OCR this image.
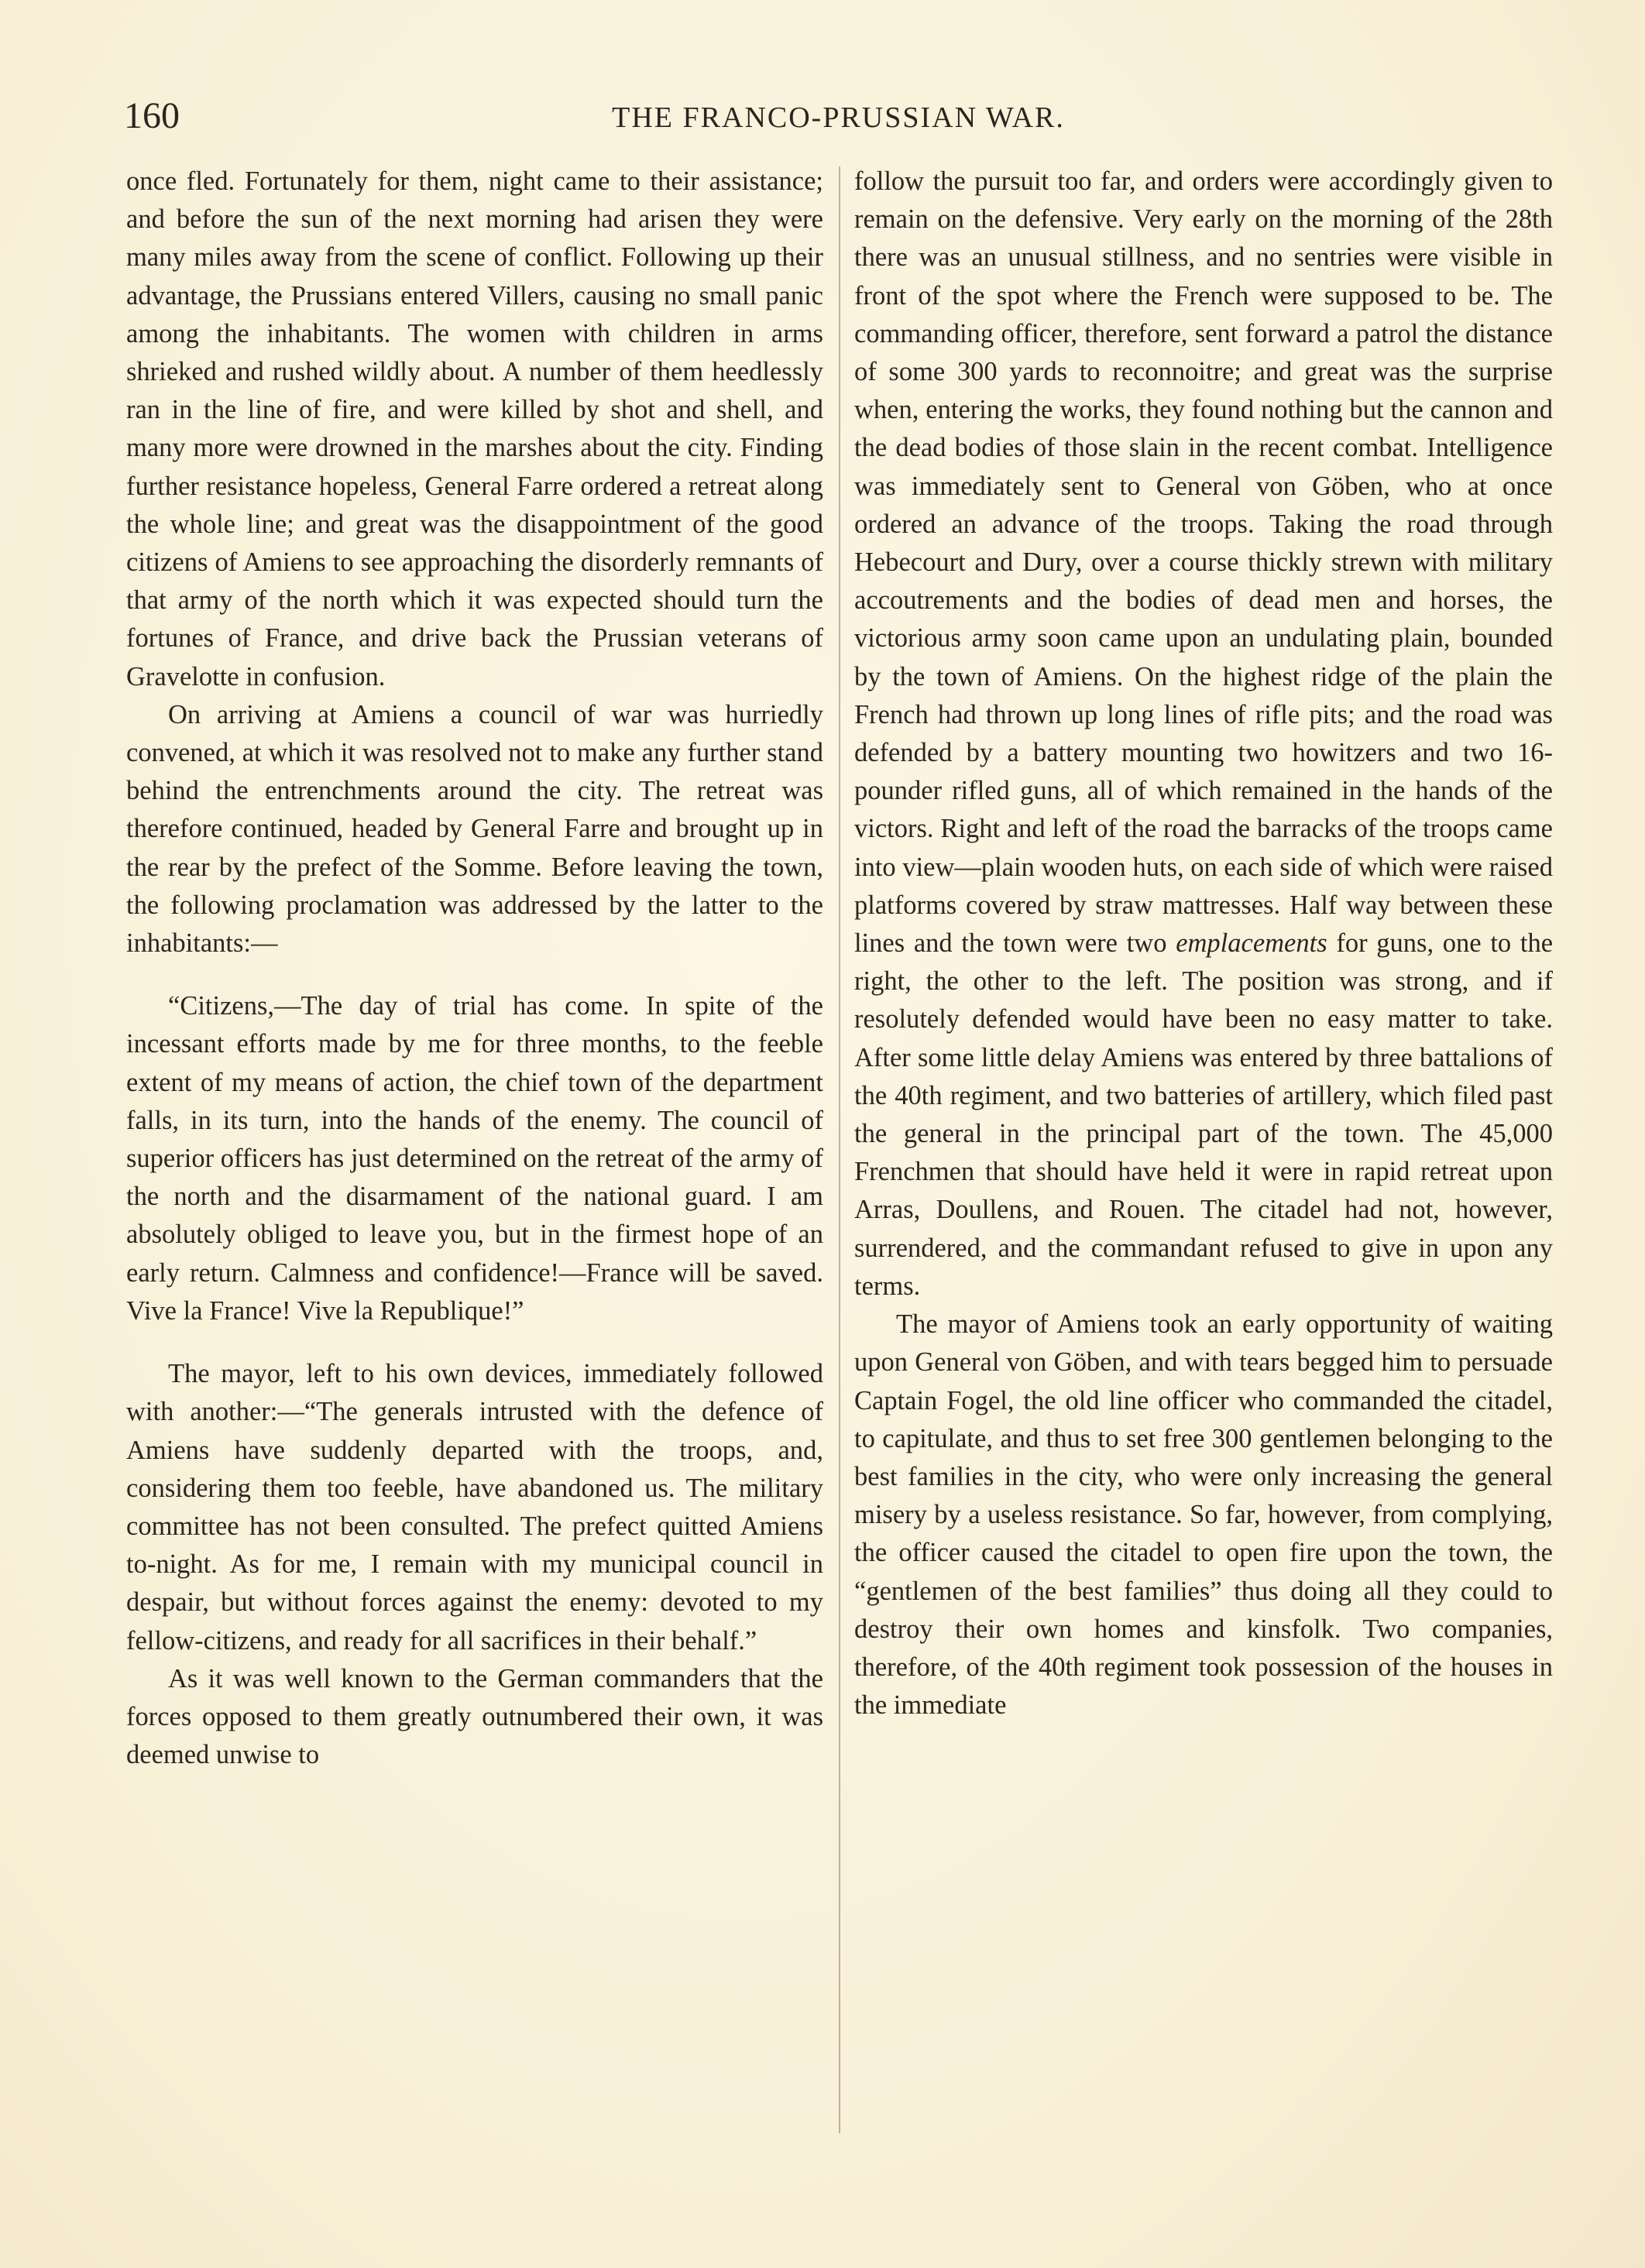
160	THE FRANCO-PRUSSIAN WAR.

once fled. Fortunately for them, night came to their assistance; and before the sun of the next morning had arisen they were many miles away from the scene of conflict. Following up their advantage, the Prussians entered Villers, causing no small panic among the inhabitants. The women with children in arms shrieked and rushed wildly about. A number of them heedlessly ran in the line of fire, and were killed by shot and shell, and many more were drowned in the marshes about the city. Finding further resistance hopeless, General Farre ordered a retreat along the whole line; and great was the disappointment of the good citizens of Amiens to see approaching the disorderly remnants of that army of the north which it was expected should turn the fortunes of France, and drive back the Prussian veterans of Gravelotte in confusion.

On arriving at Amiens a council of war was hurriedly convened, at which it was resolved not to make any further stand behind the entrenchments around the city. The retreat was therefore continued, headed by General Farre and brought up in the rear by the prefect of the Somme. Before leaving the town, the following proclamation was addressed by the latter to the inhabitants:—

“Citizens,—The day of trial has come. In spite of the incessant efforts made by me for three months, to the feeble extent of my means of action, the chief town of the department falls, in its turn, into the hands of the enemy. The council of superior officers has just determined on the retreat of the army of the north and the disarmament of the national guard. I am absolutely obliged to leave you, but in the firmest hope of an early return. Calmness and confidence!—France will be saved. Vive la France! Vive la Republique!”

The mayor, left to his own devices, immediately followed with another:—“The generals intrusted with the defence of Amiens have suddenly departed with the troops, and, considering them too feeble, have abandoned us. The military committee has not been consulted. The prefect quitted Amiens to-night. As for me, I remain with my municipal council in despair, but without forces against the enemy: devoted to my fellow-citizens, and ready for all sacrifices in their behalf.”

As it was well known to the German commanders that the forces opposed to them greatly outnumbered their own, it was deemed unwise to

follow the pursuit too far, and orders were accordingly given to remain on the defensive. Very early on the morning of the 28th there was an unusual stillness, and no sentries were visible in front of the spot where the French were supposed to be. The commanding officer, therefore, sent forward a patrol the distance of some 300 yards to reconnoitre; and great was the surprise when, entering the works, they found nothing but the cannon and the dead bodies of those slain in the recent combat. Intelligence was immediately sent to General von Göben, who at once ordered an advance of the troops. Taking the road through Hebecourt and Dury, over a course thickly strewn with military accoutrements and the bodies of dead men and horses, the victorious army soon came upon an undulating plain, bounded by the town of Amiens. On the highest ridge of the plain the French had thrown up long lines of rifle pits; and the road was defended by a battery mounting two howitzers and two 16-pounder rifled guns, all of which remained in the hands of the victors. Right and left of the road the barracks of the troops came into view—plain wooden huts, on each side of which were raised platforms covered by straw mattresses. Half way between these lines and the town were two emplacements for guns, one to the right, the other to the left. The position was strong, and if resolutely defended would have been no easy matter to take. After some little delay Amiens was entered by three battalions of the 40th regiment, and two batteries of artillery, which filed past the general in the principal part of the town. The 45,000 Frenchmen that should have held it were in rapid retreat upon Arras, Doullens, and Rouen. The citadel had not, however, surrendered, and the commandant refused to give in upon any terms.

The mayor of Amiens took an early opportunity of waiting upon General von Göben, and with tears begged him to persuade Captain Fogel, the old line officer who commanded the citadel, to capitulate, and thus to set free 300 gentlemen belonging to the best families in the city, who were only increasing the general misery by a useless resistance. So far, however, from complying, the officer caused the citadel to open fire upon the town, the “gentlemen of the best families” thus doing all they could to destroy their own homes and kinsfolk. Two companies, therefore, of the 40th regiment took possession of the houses in the immediate
